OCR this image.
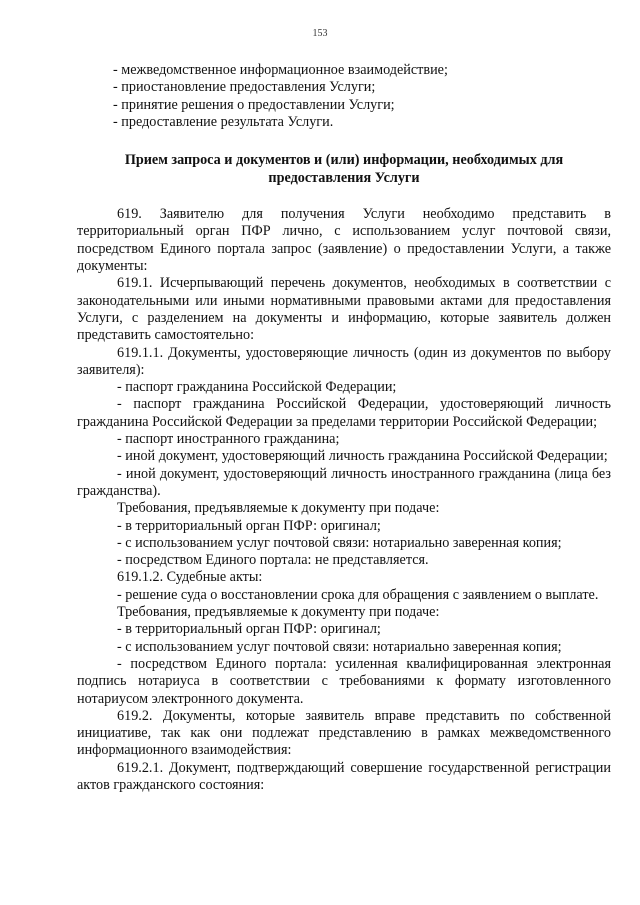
153

- межведомственное информационное взаимодействие;

- приостановление предоставления Услуги;

- принятие решения о предоставлении Услуги;

- предоставление результата Услуги.

Прием запроса и документов и (или) информации, необходимых для предоставления Услуги

619. Заявителю для получения Услуги необходимо представить в территориальный орган ПФР лично, с использованием услуг почтовой связи, посредством Единого портала запрос (заявление) о предоставлении Услуги, а также документы:

619.1. Исчерпывающий перечень документов, необходимых в соответствии с законодательными или иными нормативными правовыми актами для предоставления Услуги, с разделением на документы и информацию, которые заявитель должен представить самостоятельно:

619.1.1. Документы, удостоверяющие личность (один из документов по выбору заявителя):

- паспорт гражданина Российской Федерации;

- паспорт гражданина Российской Федерации, удостоверяющий личность гражданина Российской Федерации за пределами территории Российской Федерации;

- паспорт иностранного гражданина;

- иной документ, удостоверяющий личность гражданина Российской Федерации;

- иной документ, удостоверяющий личность иностранного гражданина (лица без гражданства).

Требования, предъявляемые к документу при подаче:

- в территориальный орган ПФР: оригинал;

- с использованием услуг почтовой связи: нотариально заверенная копия;

- посредством Единого портала: не представляется.

619.1.2. Судебные акты:

- решение суда о восстановлении срока для обращения с заявлением о выплате.

Требования, предъявляемые к документу при подаче:

- в территориальный орган ПФР: оригинал;

- с использованием услуг почтовой связи: нотариально заверенная копия;

- посредством Единого портала: усиленная квалифицированная электронная подпись нотариуса в соответствии с требованиями к формату изготовленного нотариусом электронного документа.

619.2. Документы, которые заявитель вправе представить по собственной инициативе, так как они подлежат представлению в рамках межведомственного информационного взаимодействия:

619.2.1. Документ, подтверждающий совершение государственной регистрации актов гражданского состояния:
